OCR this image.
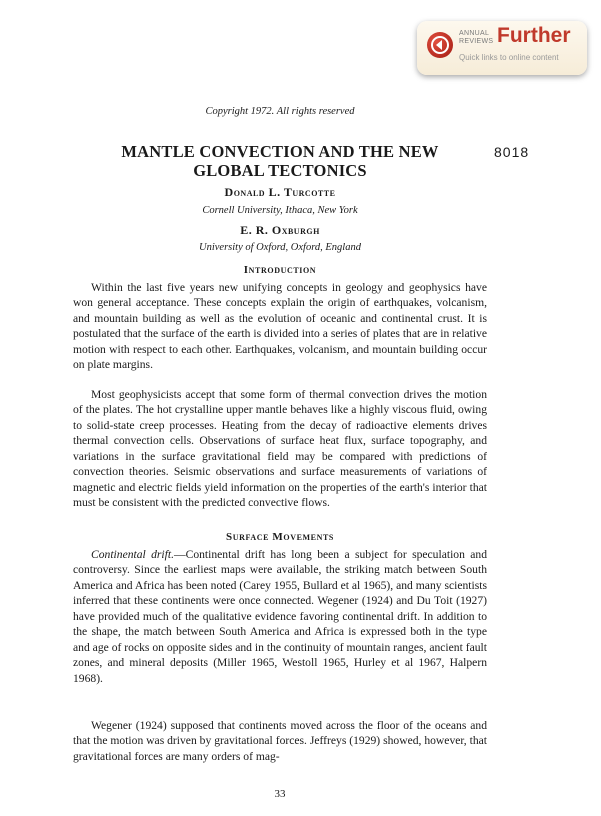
ANNUAL
REVIEWS Further
Quick links to online content
Copyright 1972. All rights reserved
MANTLE CONVECTION AND THE NEW
GLOBAL TECTONICS
8018
Donald L. Turcotte
Cornell University, Ithaca, New York
E. R. Oxburgh
University of Oxford, Oxford, England
Introduction

Within the last five years new unifying concepts in geology and geophysics have won general acceptance. These concepts explain the origin of earthquakes, volcanism, and mountain building as well as the evolution of oceanic and continental crust. It is postulated that the surface of the earth is divided into a series of plates that are in relative motion with respect to each other. Earthquakes, volcanism, and mountain building occur on plate margins.

Most geophysicists accept that some form of thermal convection drives the motion of the plates. The hot crystalline upper mantle behaves like a highly viscous fluid, owing to solid-state creep processes. Heating from the decay of radioactive elements drives thermal convection cells. Observations of surface heat flux, surface topography, and variations in the surface gravitational field may be compared with predictions of convection theories. Seismic observations and surface measurements of variations of magnetic and electric fields yield information on the properties of the earth's interior that must be consistent with the predicted convective flows.

Surface Movements

Continental drift.—Continental drift has long been a subject for speculation and controversy. Since the earliest maps were available, the striking match between South America and Africa has been noted (Carey 1955, Bullard et al 1965), and many scientists inferred that these continents were once connected. Wegener (1924) and Du Toit (1927) have provided much of the qualitative evidence favoring continental drift. In addition to the shape, the match between South America and Africa is expressed both in the type and age of rocks on opposite sides and in the continuity of mountain ranges, ancient fault zones, and mineral deposits (Miller 1965, Westoll 1965, Hurley et al 1967, Halpern 1968).

Wegener (1924) supposed that continents moved across the floor of the oceans and that the motion was driven by gravitational forces. Jeffreys (1929) showed, however, that gravitational forces are many orders of mag-

33
